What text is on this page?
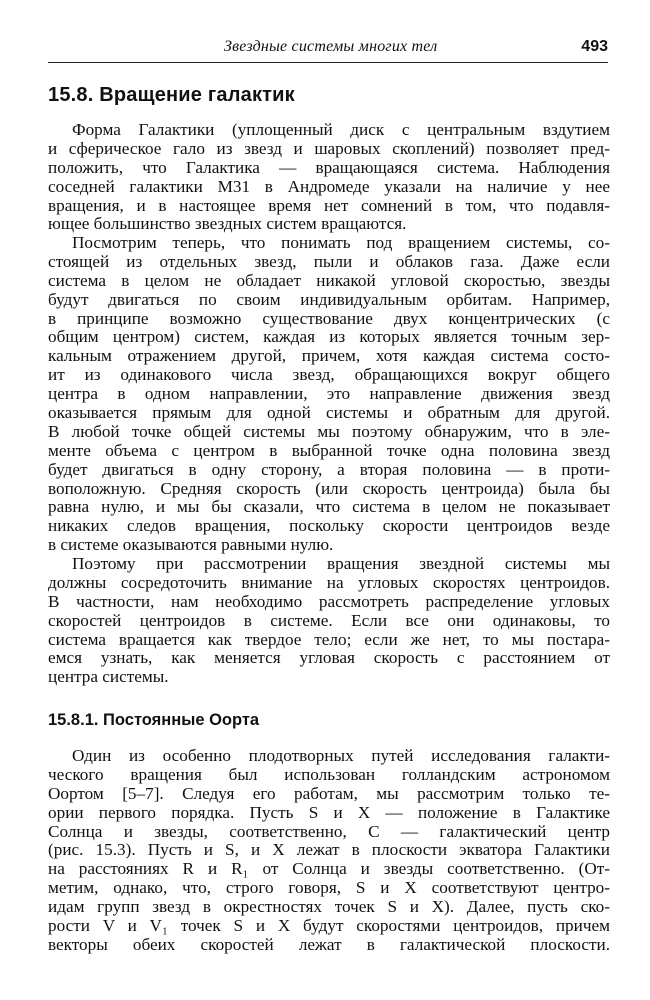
Звездные системы многих тел	493
15.8. Вращение галактик
Форма Галактики (уплощенный диск с центральным вздутием
и сферическое гало из звезд и шаровых скоплений) позволяет пред-
положить, что Галактика — вращающаяся система. Наблюдения
соседней галактики М31 в Андромеде указали на наличие у нее
вращения, и в настоящее время нет сомнений в том, что подавля-
ющее большинство звездных систем вращаются.
Посмотрим теперь, что понимать под вращением системы, со-
стоящей из отдельных звезд, пыли и облаков газа. Даже если
система в целом не обладает никакой угловой скоростью, звезды
будут двигаться по своим индивидуальным орбитам. Например,
в принципе возможно существование двух концентрических (с
общим центром) систем, каждая из которых является точным зер-
кальным отражением другой, причем, хотя каждая система состо-
ит из одинакового числа звезд, обращающихся вокруг общего
центра в одном направлении, это направление движения звезд
оказывается прямым для одной системы и обратным для другой.
В любой точке общей системы мы поэтому обнаружим, что в эле-
менте объема с центром в выбранной точке одна половина звезд
будет двигаться в одну сторону, а вторая половина — в проти-
воположную. Средняя скорость (или скорость центроида) была бы
равна нулю, и мы бы сказали, что система в целом не показывает
никаких следов вращения, поскольку скорости центроидов везде
в системе оказываются равными нулю.
Поэтому при рассмотрении вращения звездной системы мы
должны сосредоточить внимание на угловых скоростях центроидов.
В частности, нам необходимо рассмотреть распределение угловых
скоростей центроидов в системе. Если все они одинаковы, то
система вращается как твердое тело; если же нет, то мы постара-
емся узнать, как меняется угловая скорость с расстоянием от
центра системы.
15.8.1. Постоянные Оорта
Один из особенно плодотворных путей исследования галакти-
ческого вращения был использован голландским астрономом
Оортом [5–7]. Следуя его работам, мы рассмотрим только те-
ории первого порядка. Пусть S и X — положение в Галактике
Солнца и звезды, соответственно, C — галактический центр
(рис. 15.3). Пусть и S, и X лежат в плоскости экватора Галактики
на расстояниях R и R₁ от Солнца и звезды соответственно. (От-
метим, однако, что, строго говоря, S и X соответствуют центро-
идам групп звезд в окрестностях точек S и X). Далее, пусть ско-
рости V и V₁ точек S и X будут скоростями центроидов, причем
векторы обеих скоростей лежат в галактической плоскости.
